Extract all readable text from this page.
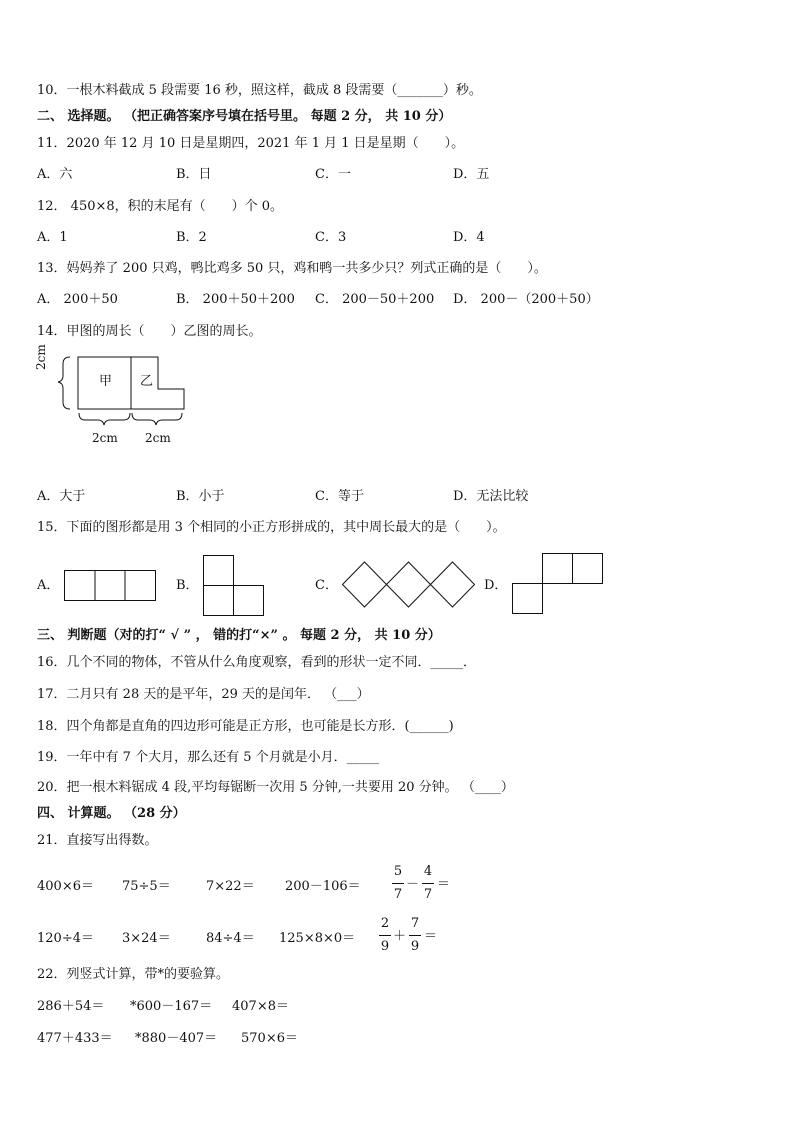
10．一根木料截成 5 段需要 16 秒，照这样，截成 8 段需要（_______）秒。
二、 选择题。 （把正确答案序号填在括号里。 每题 2 分， 共 10 分）
11．2020 年 12 月 10 日是星期四，2021 年 1 月 1 日是星期（　　）。
A．六	B．日	C．一	D．五
12． 450×8，积的末尾有（　　）个 0。
A．1	B．2	C．3	D．4
13．妈妈养了 200 只鸡，鸭比鸡多 50 只，鸡和鸭一共多少只？列式正确的是（　　）。
A． 200＋50	B． 200＋50＋200 C． 200－50＋200 D． 200－（200＋50）
14．甲图的周长（　　）乙图的周长。
2cm
甲 乙
2cm 2cm
A．大于	B．小于	C．等于	D．无法比较
15．下面的图形都是用 3 个相同的小正方形拼成的，其中周长最大的是（　　）。
A．	B．	C．	D．
三、 判断题（对的打“ √ ” ， 错的打“×” 。 每题 2 分， 共 10 分）
16．几个不同的物体，不管从什么角度观察，看到的形状一定不同．_____．
17．二月只有 28 天的是平年，29 天的是闰年． （___）
18．四个角都是直角的四边形可能是正方形，也可能是长方形．(______)
19．一年中有 7 个大月，那么还有 5 个月就是小月．_____
20．把一根木料锯成 4 段,平均每锯断一次用 5 分钟,一共要用 20 分钟。 （____）
四、 计算题。 （28 分）
21．直接写出得数。
400×6＝ 75÷5＝	7×22＝ 200－106＝
5
7
－
4
7
＝
120÷4＝ 3×24＝	84÷4＝ 125×8×0＝
2
9
＋
7
9
＝
22．列竖式计算，带*的要验算。
286＋54＝ *600－167＝ 407×8＝
477＋433＝ *880－407＝ 570×6＝
